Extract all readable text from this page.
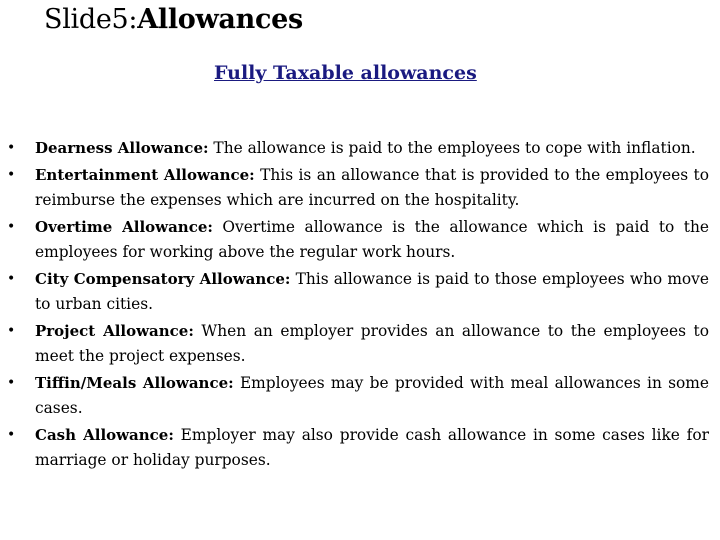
Slide5:Allowances
Fully Taxable allowances
• Dearness Allowance: The allowance is paid to the employees to cope with inflation.
• Entertainment Allowance: This is an allowance that is provided to the employees to reimburse the expenses which are incurred on the hospitality.
• Overtime Allowance: Overtime allowance is the allowance which is paid to the employees for working above the regular work hours.
• City Compensatory Allowance: This allowance is paid to those employees who move to urban cities.
• Project Allowance: When an employer provides an allowance to the employees to meet the project expenses.
• Tiffin/Meals Allowance: Employees may be provided with meal allowances in some cases.
• Cash Allowance: Employer may also provide cash allowance in some cases like for marriage or holiday purposes.
